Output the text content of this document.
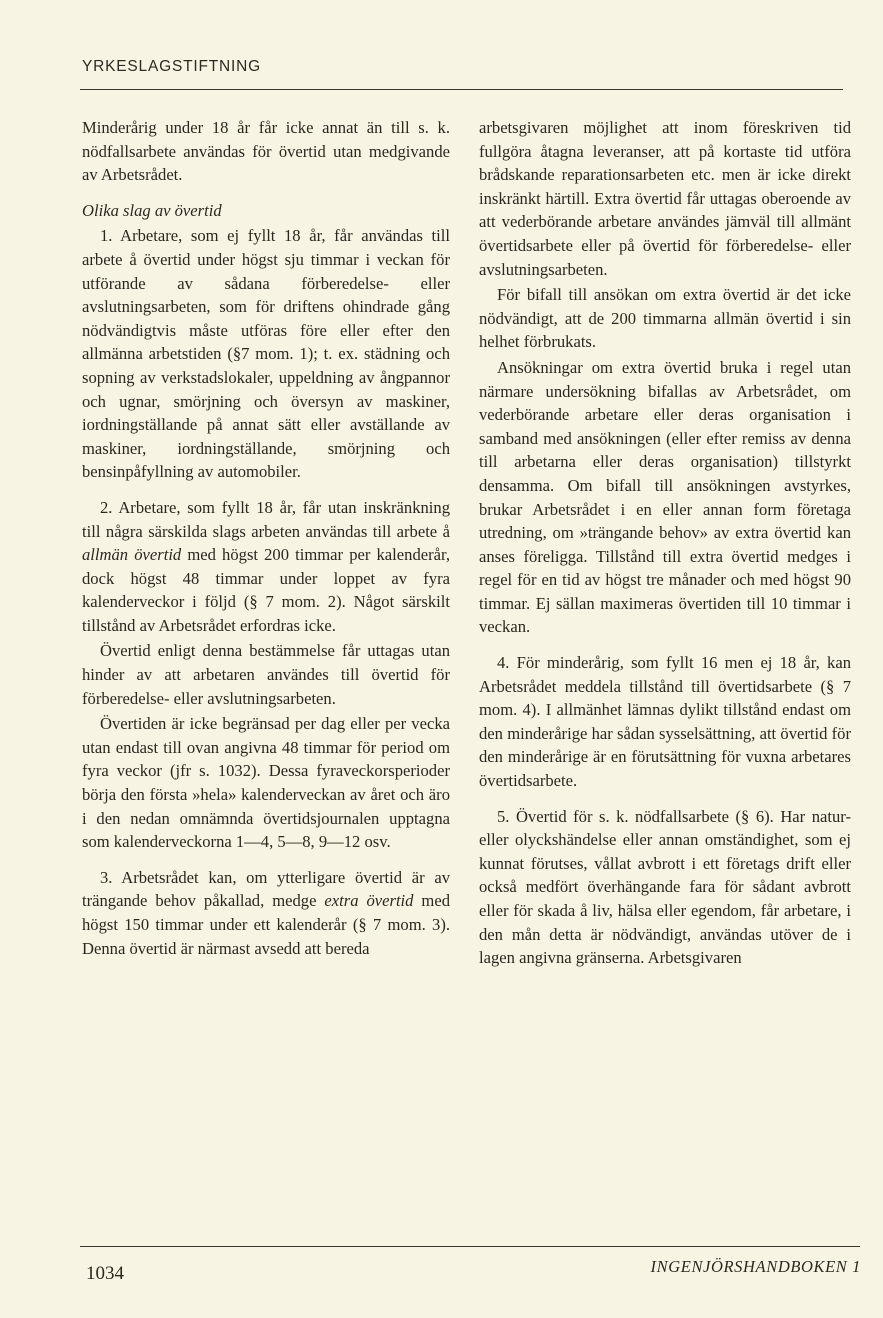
YRKESLAGSTIFTNING

Minderårig under 18 år får icke annat än till s. k. nödfallsarbete användas för övertid utan medgivande av Arbetsrådet.

Olika slag av övertid

1. Arbetare, som ej fyllt 18 år, får användas till arbete å övertid under högst sju timmar i veckan för utförande av sådana förberedelse- eller avslutningsarbeten, som för driftens ohindrade gång nödvändigtvis måste utföras före eller efter den allmänna arbetstiden (§7 mom. 1); t. ex. städning och sopning av verkstadslokaler, uppeldning av ångpannor och ugnar, smörjning och översyn av maskiner, iordningställande på annat sätt eller avställande av maskiner, iordningställande, smörjning och bensinpåfyllning av automobiler.

2. Arbetare, som fyllt 18 år, får utan inskränkning till några särskilda slags arbeten användas till arbete å allmän övertid med högst 200 timmar per kalenderår, dock högst 48 timmar under loppet av fyra kalenderveckor i följd (§ 7 mom. 2). Något särskilt tillstånd av Arbetsrådet erfordras icke.

Övertid enligt denna bestämmelse får uttagas utan hinder av att arbetaren användes till övertid för förberedelse- eller avslutningsarbeten.

Övertiden är icke begränsad per dag eller per vecka utan endast till ovan angivna 48 timmar för period om fyra veckor (jfr s. 1032). Dessa fyraveckorsperioder börja den första »hela» kalenderveckan av året och äro i den nedan omnämnda övertidsjournalen upptagna som kalenderveckorna 1—4, 5—8, 9—12 osv.

3. Arbetsrådet kan, om ytterligare övertid är av trängande behov påkallad, medge extra övertid med högst 150 timmar under ett kalenderår (§ 7 mom. 3). Denna övertid är närmast avsedd att bereda

arbetsgivaren möjlighet att inom föreskriven tid fullgöra åtagna leveranser, att på kortaste tid utföra brådskande reparationsarbeten etc. men är icke direkt inskränkt härtill. Extra övertid får uttagas oberoende av att vederbörande arbetare användes jämväl till allmänt övertidsarbete eller på övertid för förberedelse- eller avslutningsarbeten.

För bifall till ansökan om extra övertid är det icke nödvändigt, att de 200 timmarna allmän övertid i sin helhet förbrukats.

Ansökningar om extra övertid bruka i regel utan närmare undersökning bifallas av Arbetsrådet, om vederbörande arbetare eller deras organisation i samband med ansökningen (eller efter remiss av denna till arbetarna eller deras organisation) tillstyrkt densamma. Om bifall till ansökningen avstyrkes, brukar Arbetsrådet i en eller annan form företaga utredning, om »trängande behov» av extra övertid kan anses föreligga. Tillstånd till extra övertid medges i regel för en tid av högst tre månader och med högst 90 timmar. Ej sällan maximeras övertiden till 10 timmar i veckan.

4. För minderårig, som fyllt 16 men ej 18 år, kan Arbetsrådet meddela tillstånd till övertidsarbete (§ 7 mom. 4). I allmänhet lämnas dylikt tillstånd endast om den minderårige har sådan sysselsättning, att övertid för den minderårige är en förutsättning för vuxna arbetares övertidsarbete.

5. Övertid för s. k. nödfallsarbete (§ 6). Har natur- eller olyckshändelse eller annan omständighet, som ej kunnat förutses, vållat avbrott i ett företags drift eller också medfört överhängande fara för sådant avbrott eller för skada å liv, hälsa eller egendom, får arbetare, i den mån detta är nödvändigt, användas utöver de i lagen angivna gränserna. Arbetsgivaren

1034	INGENJÖRSHANDBOKEN 1
